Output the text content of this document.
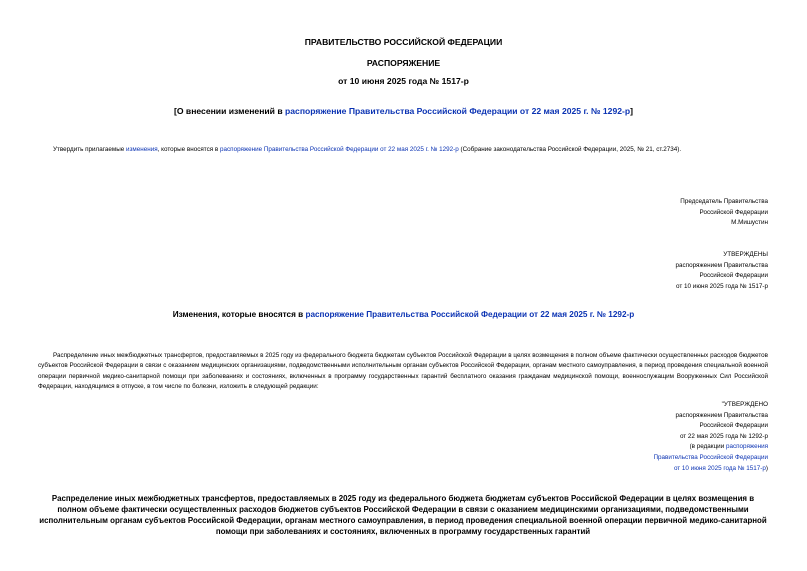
ПРАВИТЕЛЬСТВО РОССИЙСКОЙ ФЕДЕРАЦИИ
РАСПОРЯЖЕНИЕ
от 10 июня 2025 года № 1517-р
[О внесении изменений в распоряжение Правительства Российской Федерации от 22 мая 2025 г. № 1292-р]
Утвердить прилагаемые изменения, которые вносятся в распоряжение Правительства Российской Федерации от 22 мая 2025 г. № 1292-р (Собрание законодательства Российской Федерации, 2025, № 21, ст.2734).
Председатель Правительства
Российской Федерации
М.Мишустин
УТВЕРЖДЕНЫ
распоряжением Правительства
Российской Федерации
от 10 июня 2025 года № 1517-р
Изменения, которые вносятся в распоряжение Правительства Российской Федерации от 22 мая 2025 г. № 1292-р
Распределение иных межбюджетных трансфертов, предоставляемых в 2025 году из федерального бюджета бюджетам субъектов Российской Федерации в целях возмещения в полном объеме фактически осуществленных расходов бюджетов субъектов Российской Федерации в связи с оказанием медицинских организациями, подведомственными исполнительным органам субъектов Российской Федерации, органам местного самоуправления, в период проведения специальной военной операции первичной медико-санитарной помощи при заболеваниях и состояниях, включенных в программу государственных гарантий бесплатного оказания гражданам медицинской помощи, военнослужащим Вооруженных Сил Российской Федерации, находящимся в отпуске, в том числе по болезни, изложить в следующей редакции:
"УТВЕРЖДЕНО
распоряжением Правительства
Российской Федерации
от 22 мая 2025 года № 1292-р
(в редакции распоряжения
Правительства Российской Федерации
от 10 июня 2025 года № 1517-р)
Распределение иных межбюджетных трансфертов, предоставляемых в 2025 году из федерального бюджета бюджетам субъектов Российской Федерации в целях возмещения в полном объеме фактически осуществленных расходов бюджетов субъектов Российской Федерации в связи с оказанием медицинскими организациями, подведомственными исполнительным органам субъектов Российской Федерации, органам местного самоуправления, в период проведения специальной военной операции первичной медико-санитарной помощи при заболеваниях и состояниях, включенных в программу государственных гарантий
